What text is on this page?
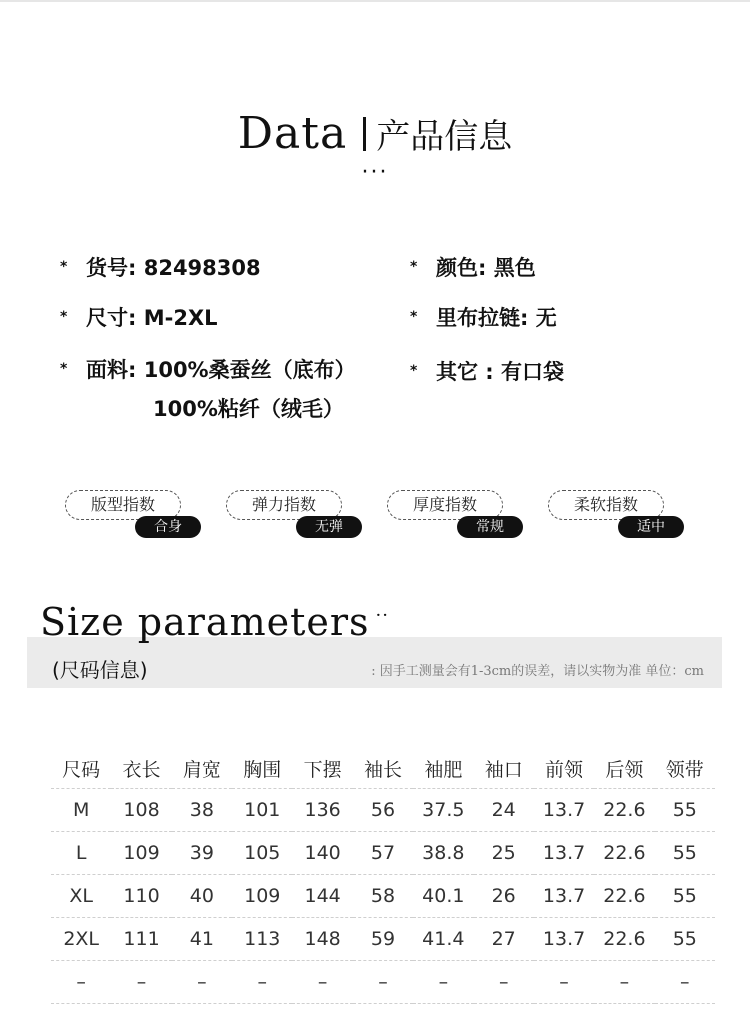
Data 产品信息
···
* 货号: 82498308	* 颜色: 黑色
* 尺寸: M-2XL	* 里布拉链: 无
* 面料: 100%桑蚕丝（底布）
100%粘纤（绒毛）
* 其它 : 有口袋
版型指数
合身
弹力指数
无弹
厚度指数
常规
柔软指数
适中
Size parameters ··
(尺码信息)	: 因手工测量会有1-3cm的误差，请以实物为准 单位：cm
尺码	衣长	肩宽	胸围	下摆	袖长	袖肥	袖口	前领	后领	领带
M	108	38	101	136	56	37.5	24	13.7	22.6	55
L	109	39	105	140	57	38.8	25	13.7	22.6	55
XL	110	40	109	144	58	40.1	26	13.7	22.6	55
2XL	111	41	113	148	59	41.4	27	13.7	22.6	55
–	–	–	–	–	–	–	–	–	–	–
